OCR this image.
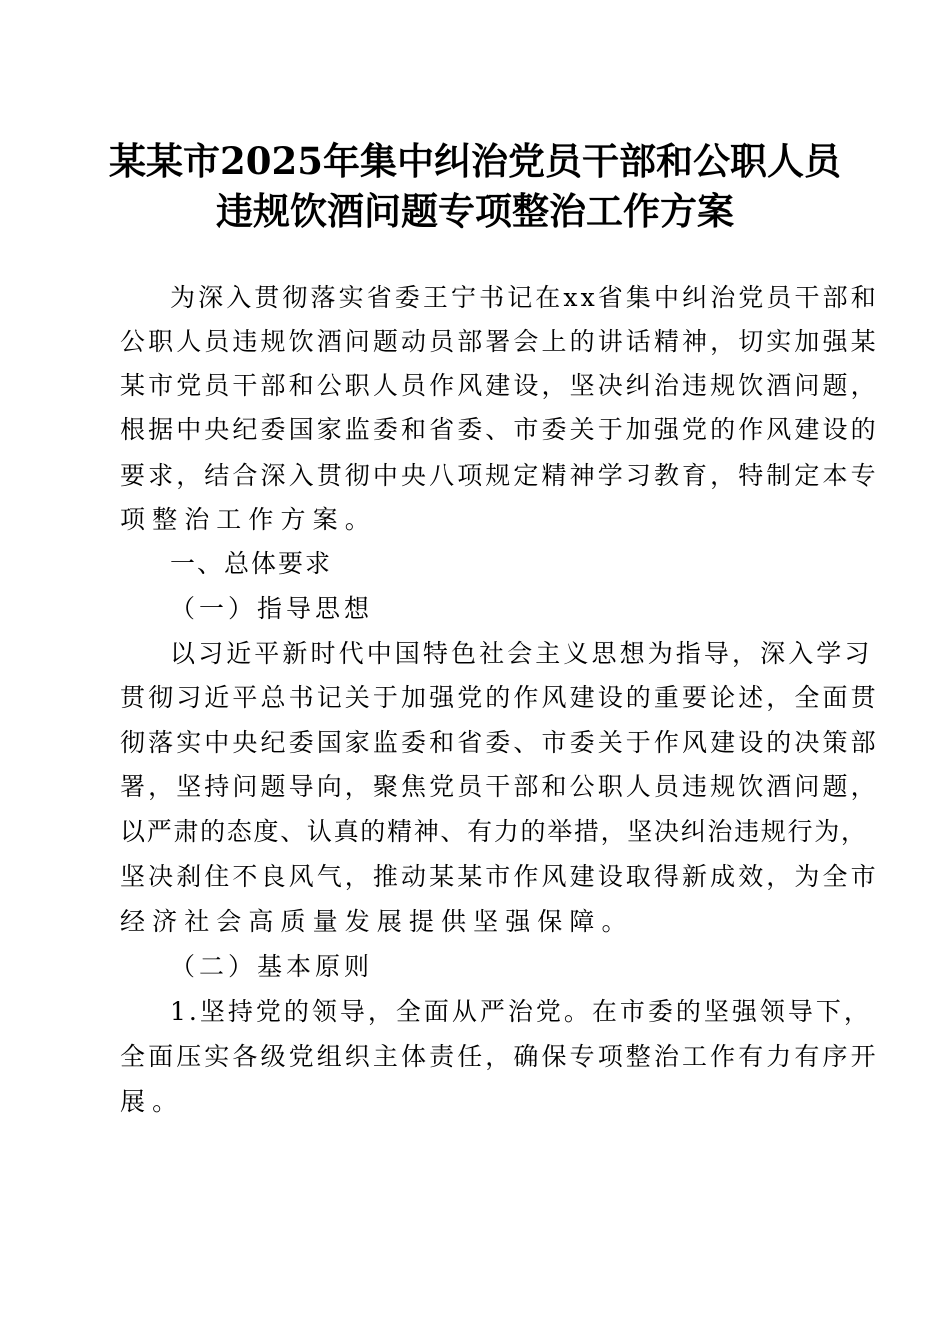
某某市2025年集中纠治党员干部和公职人员
违规饮酒问题专项整治工作方案
为深入贯彻落实省委王宁书记在xx省集中纠治党员干部和
公职人员违规饮酒问题动员部署会上的讲话精神，切实加强某
某市党员干部和公职人员作风建设，坚决纠治违规饮酒问题，
根据中央纪委国家监委和省委、市委关于加强党的作风建设的
要求，结合深入贯彻中央八项规定精神学习教育，特制定本专
项整治工作方案。
一、总体要求
（一）指导思想
以习近平新时代中国特色社会主义思想为指导，深入学习
贯彻习近平总书记关于加强党的作风建设的重要论述，全面贯
彻落实中央纪委国家监委和省委、市委关于作风建设的决策部
署，坚持问题导向，聚焦党员干部和公职人员违规饮酒问题，
以严肃的态度、认真的精神、有力的举措，坚决纠治违规行为，
坚决刹住不良风气，推动某某市作风建设取得新成效，为全市
经济社会高质量发展提供坚强保障。
（二）基本原则
1.坚持党的领导，全面从严治党。在市委的坚强领导下，
全面压实各级党组织主体责任，确保专项整治工作有力有序开
展。
